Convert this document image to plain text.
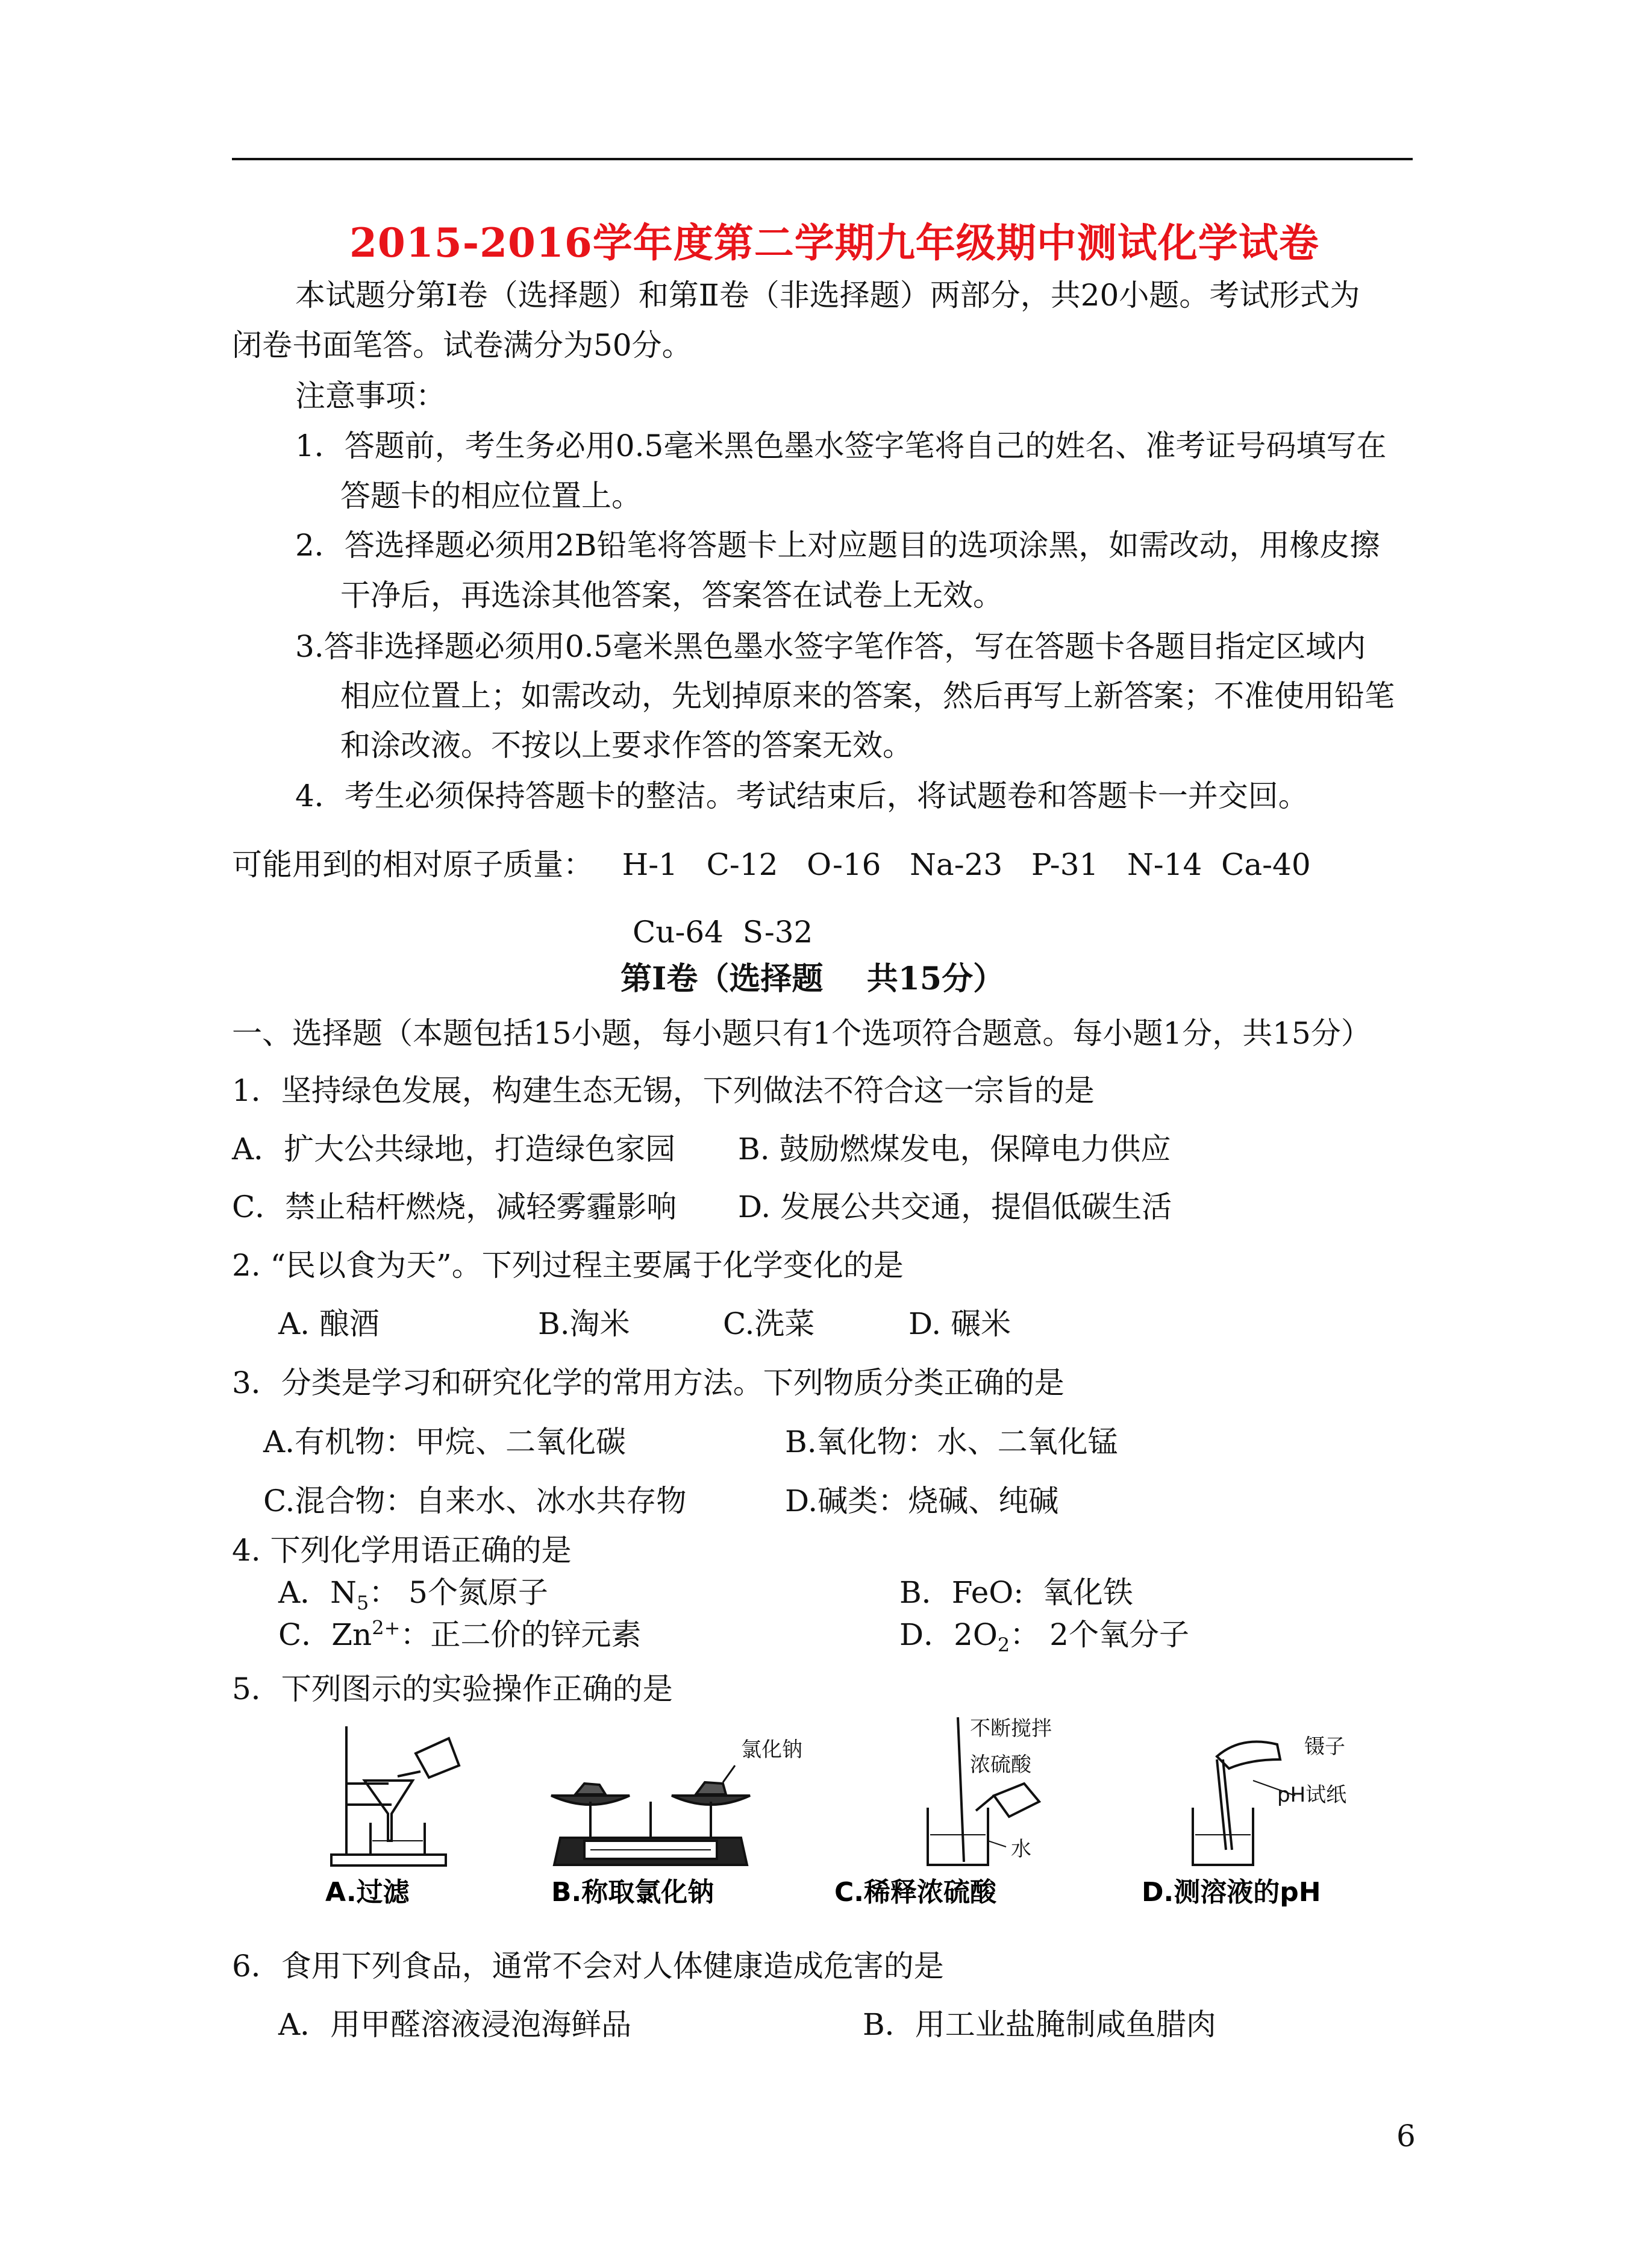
2015-2016学年度第二学期九年级期中测试化学试卷
本试题分第Ⅰ卷（选择题）和第Ⅱ卷（非选择题）两部分，共20小题。考试形式为
闭卷书面笔答。试卷满分为50分。
注意事项：
1．答题前，考生务必用0.5毫米黑色墨水签字笔将自己的姓名、准考证号码填写在
答题卡的相应位置上。
2．答选择题必须用2B铅笔将答题卡上对应题目的选项涂黑，如需改动，用橡皮擦
干净后，再选涂其他答案，答案答在试卷上无效。
3.答非选择题必须用0.5毫米黑色墨水签字笔作答，写在答题卡各题目指定区域内
相应位置上；如需改动，先划掉原来的答案，然后再写上新答案；不准使用铅笔
和涂改液。不按以上要求作答的答案无效。
4．考生必须保持答题卡的整洁。考试结束后，将试题卷和答题卡一并交回。
可能用到的相对原子质量：   H-1   C-12   O-16   Na-23   P-31   N-14  Ca-40
Cu-64  S-32
第Ⅰ卷（选择题    共15分）
一、选择题（本题包括15小题，每小题只有1个选项符合题意。每小题1分，共15分）
1．坚持绿色发展，构建生态无锡，下列做法不符合这一宗旨的是
A．扩大公共绿地，打造绿色家园 B. 鼓励燃煤发电，保障电力供应
C．禁止秸杆燃烧，减轻雾霾影响 D. 发展公共交通，提倡低碳生活
2. “民以食为天”。下列过程主要属于化学变化的是
A. 酿酒	B.淘米	C.洗菜	D. 碾米
3．分类是学习和研究化学的常用方法。下列物质分类正确的是
A.有机物：甲烷、二氧化碳	B.氧化物：水、二氧化锰
C.混合物：自来水、冰水共存物	D.碱类：烧碱、纯碱
4. 下列化学用语正确的是
A．$N_5$： 5个氮原子	B．FeO:  氧化铁
C．$Zn^{2+}$：正二价的锌元素	D．$2O_2$： 2个氧分子
5．下列图示的实验操作正确的是
氯化钠
不断搅拌
浓硫酸
水
镊子
pH试纸
A.过滤	B.称取氯化钠	C.稀释浓硫酸	D.测溶液的pH
6．食用下列食品，通常不会对人体健康造成危害的是
A．用甲醛溶液浸泡海鲜品	B．用工业盐腌制咸鱼腊肉
6
